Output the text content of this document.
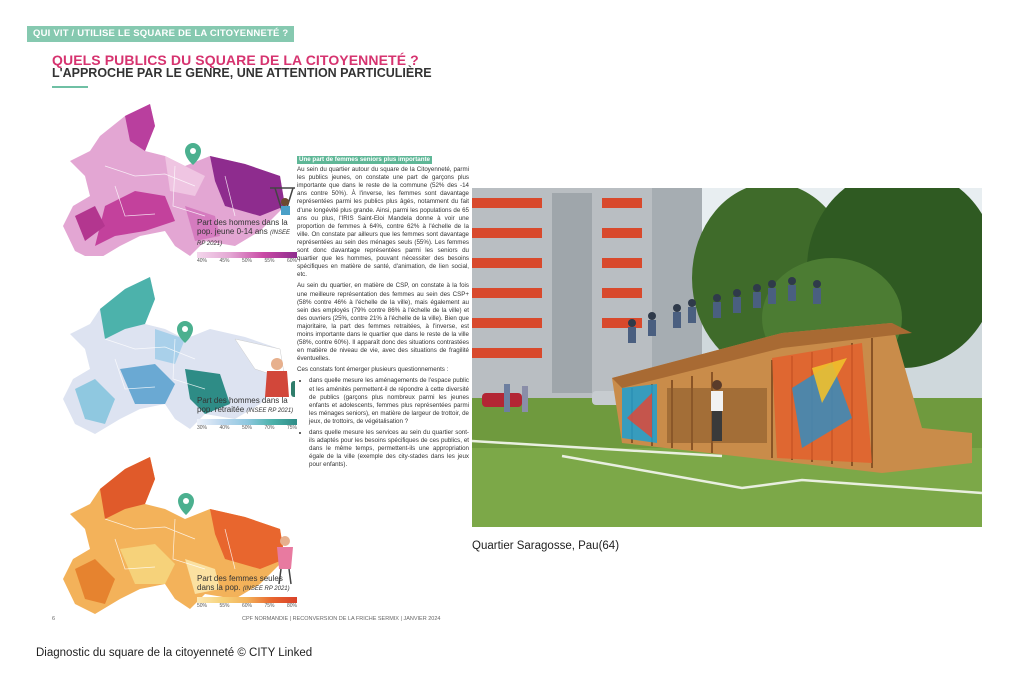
QUI VIT / UTILISE LE SQUARE DE LA CITOYENNETÉ ?
QUELS PUBLICS DU SQUARE DE LA CITOYENNETÉ ?
L'APPROCHE PAR LE GENRE, UNE ATTENTION PARTICULIÈRE
Part des hommes dans la pop. jeune 0-14 ans (INSEE RP 2021)
40% 45% 50% 55% 60%
Part des hommes dans la pop. retraitée (INSEE RP 2021)
30% 40% 50% 70% 75%
Part des femmes seules dans la pop. (INSEE RP 2021)
50% 55% 60% 75% 80%
Une part de femmes seniors plus importante

Au sein du quartier autour du square de la Citoyenneté, parmi les publics jeunes, on constate une part de garçons plus importante que dans le reste de la commune (52% des -14 ans contre 50%). À l'inverse, les femmes sont davantage représentées parmi les publics plus âgés, notamment du fait d'une longévité plus grande. Ainsi, parmi les populations de 65 ans ou plus, l'IRIS Saint-Eloi Mandela donne à voir une proportion de femmes à 64%, contre 62% à l'échelle de la ville. On constate par ailleurs que les femmes sont davantage représentées au sein des ménages seuls (55%). Les femmes sont donc davantage représentées parmi les seniors du quartier que les hommes, pouvant nécessiter des besoins spécifiques en matière de santé, d'animation, de lien social, etc.

Au sein du quartier, en matière de CSP, on constate à la fois une meilleure représentation des femmes au sein des CSP+ (58% contre 46% à l'échelle de la ville), mais également au sein des employés (79% contre 86% à l'échelle de la ville) et des ouvriers (25%, contre 21% à l'échelle de la ville). Bien que majoritaire, la part des femmes retraitées, à l'inverse, est moins importante dans le quartier que dans le reste de la ville (58%, contre 60%). Il apparaît donc des situations contrastées en matière de niveau de vie, avec des situations de fragilité éventuelles.

Ces constats font émerger plusieurs questionnements :

• dans quelle mesure les aménagements de l'espace public et les aménités permettent-il de répondre à cette diversité de publics (garçons plus nombreux parmi les jeunes enfants et adolescents, femmes plus représentées parmi les ménages seniors), en matière de largeur de trottoir, de jeux, de trottoirs, de végétalisation ?
• dans quelle mesure les services au sein du quartier sont-ils adaptés pour les besoins spécifiques de ces publics, et dans le même temps, permettent-ils une appropriation égale de la ville (exemple des city-stades dans les jeux pour enfants).
6	CPF NORMANDIE | RECONVERSION DE LA FRICHE SERMIX | JANVIER 2024
Diagnostic du square de la citoyenneté © CITY Linked
Quartier Saragosse, Pau(64)
